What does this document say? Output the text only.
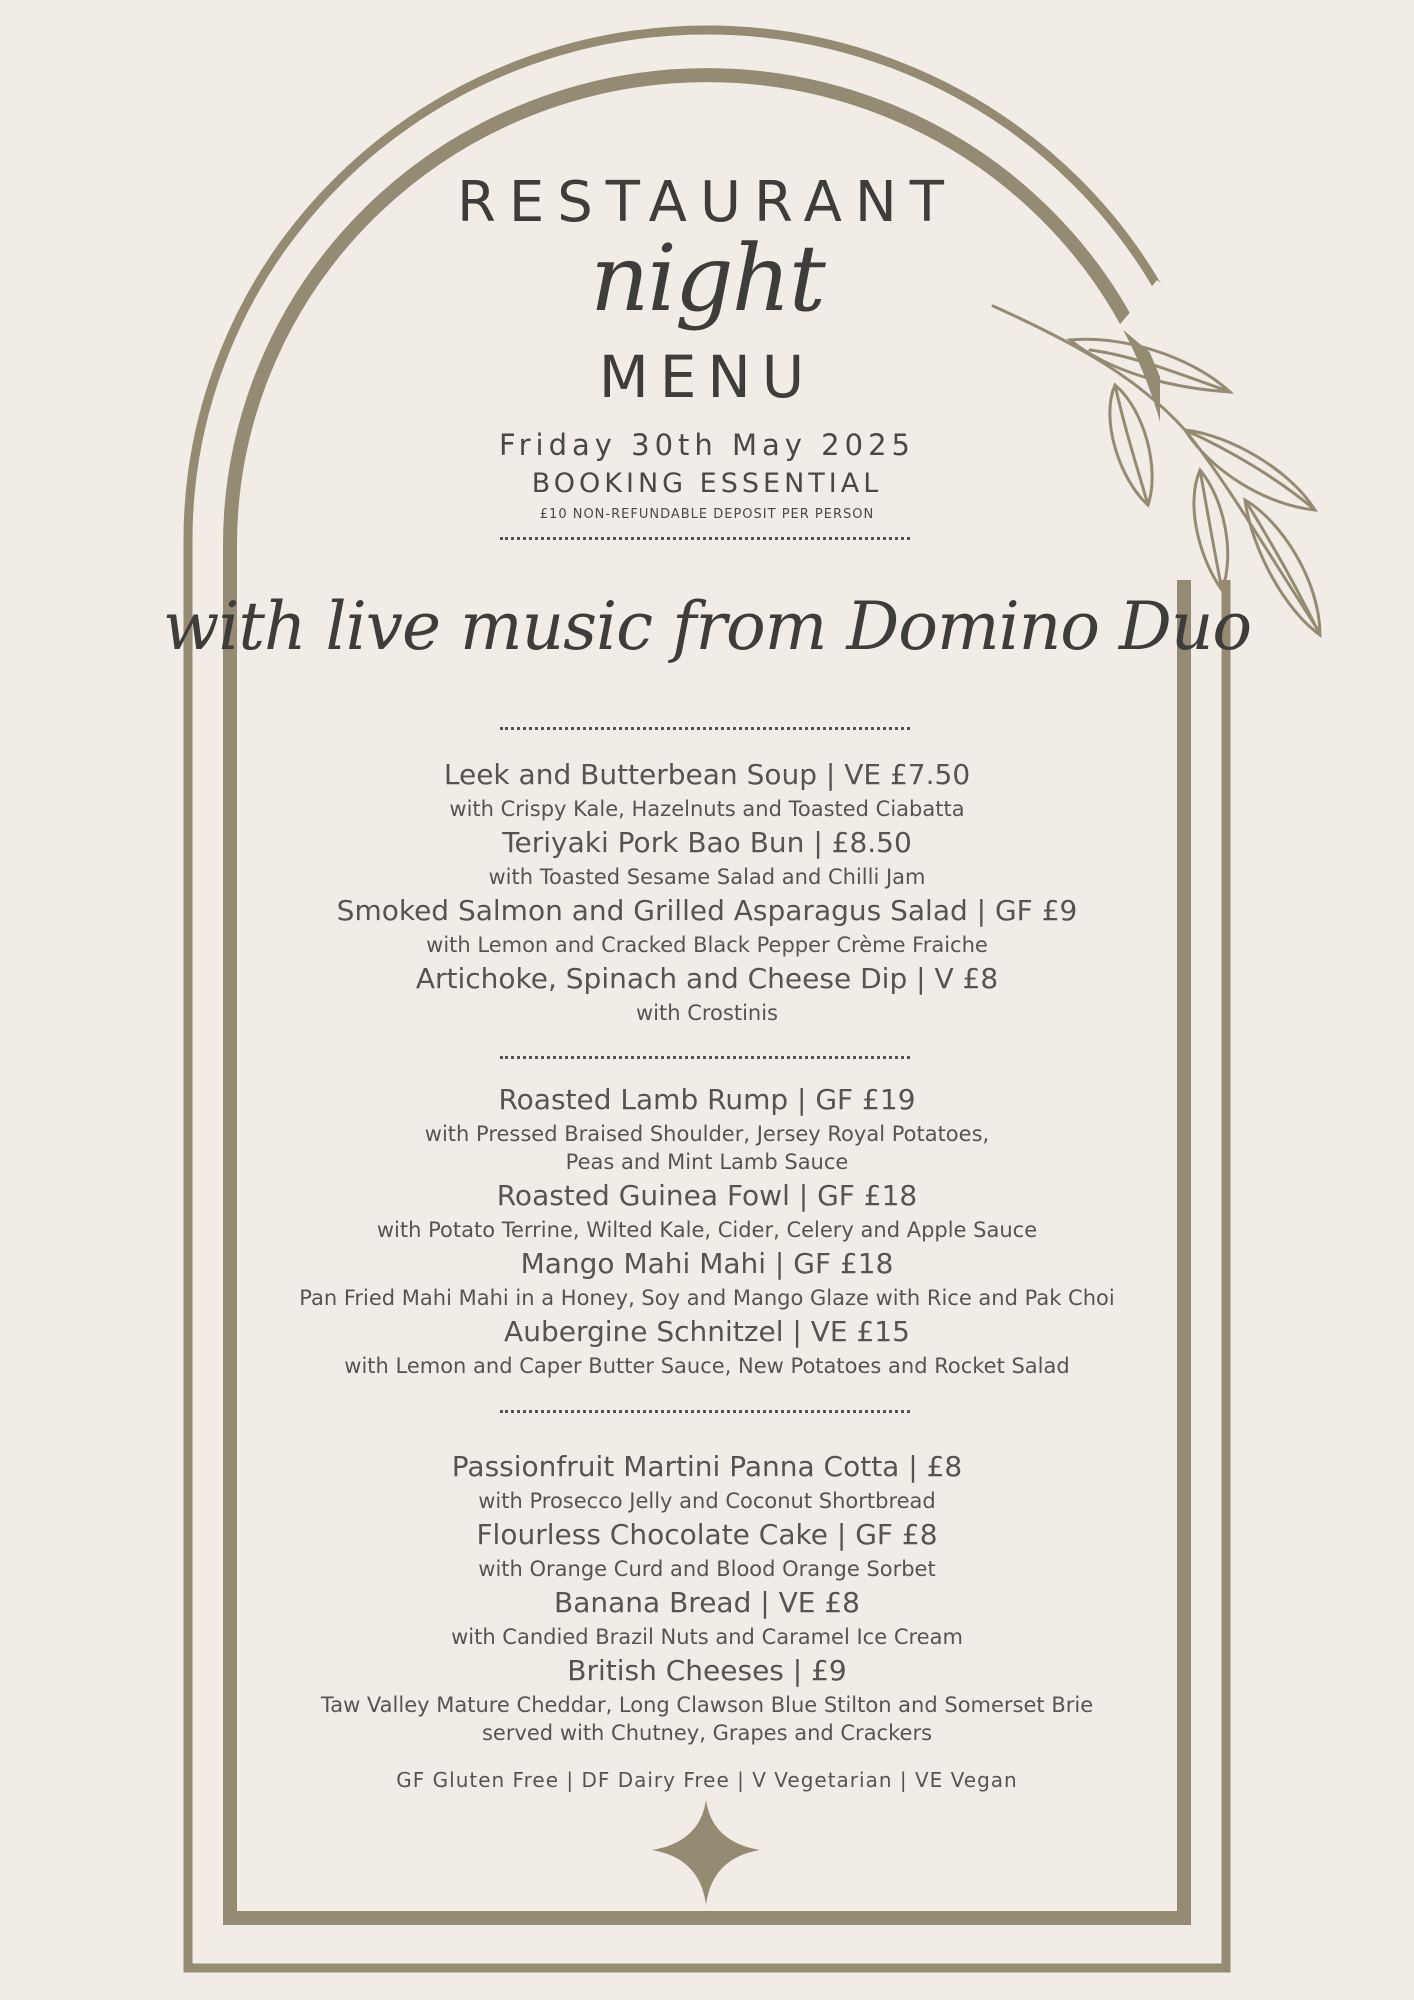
RESTAURANT
night
MENU
Friday 30th May 2025
BOOKING ESSENTIAL
£10 NON-REFUNDABLE DEPOSIT PER PERSON
with live music from Domino Duo
Leek and Butterbean Soup | VE £7.50
with Crispy Kale, Hazelnuts and Toasted Ciabatta
Teriyaki Pork Bao Bun | £8.50
with Toasted Sesame Salad and Chilli Jam
Smoked Salmon and Grilled Asparagus Salad | GF £9
with Lemon and Cracked Black Pepper Crème Fraiche
Artichoke, Spinach and Cheese Dip | V £8
with Crostinis
Roasted Lamb Rump | GF £19
with Pressed Braised Shoulder, Jersey Royal Potatoes,
Peas and Mint Lamb Sauce
Roasted Guinea Fowl | GF £18
with Potato Terrine, Wilted Kale, Cider, Celery and Apple Sauce
Mango Mahi Mahi | GF £18
Pan Fried Mahi Mahi in a Honey, Soy and Mango Glaze with Rice and Pak Choi
Aubergine Schnitzel | VE £15
with Lemon and Caper Butter Sauce, New Potatoes and Rocket Salad
Passionfruit Martini Panna Cotta | £8
with Prosecco Jelly and Coconut Shortbread
Flourless Chocolate Cake | GF £8
with Orange Curd and Blood Orange Sorbet
Banana Bread | VE £8
with Candied Brazil Nuts and Caramel Ice Cream
British Cheeses | £9
Taw Valley Mature Cheddar, Long Clawson Blue Stilton and Somerset Brie
served with Chutney, Grapes and Crackers
GF Gluten Free | DF Dairy Free | V Vegetarian | VE Vegan
